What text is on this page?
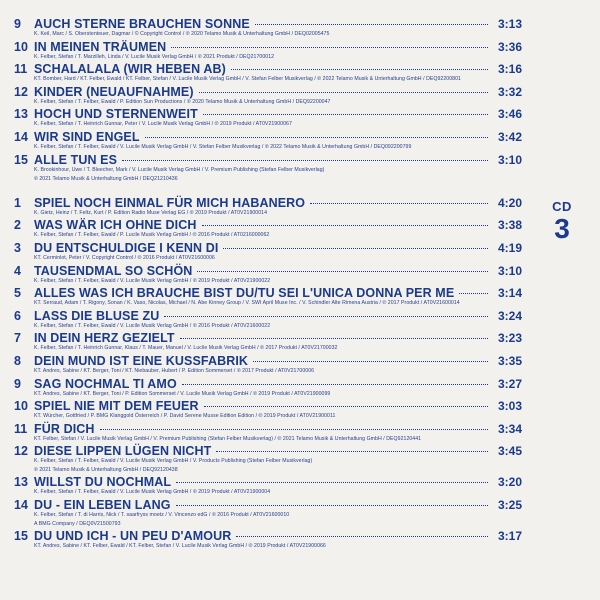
CD
3
9	AUCH STERNE BRAUCHEN SONNE	3:13
K. Keil, Marc / S. Oberstenteuer, Dagmar / © Copyright Control / ℗ 2020 Telamo Musik & Unterhaltung GmbH / DEQ02005475
10 IN MEINEN TRÄUMEN	3:36
K. Felber, Stefan / T. Marzilleh, Linda / V. Lucile Musik Verlag GmbH / ℗ 2021 Produkt / DEQ21700012
11 SCHALALALA (WIR HEBEN AB)	3:16
KT. Bomber, Hard / KT. Felber, Ewald / KT. Felber, Stefan / V. Lucile Musik Verlag GmbH / V. Stefan Felber Musikverlag / ℗ 2022 Telamo Musik & Unterhaltung GmbH / DEQ92200801
12 KINDER (NEUAUFNAHME)	3:32
K. Felber, Stefan / T. Felber, Ewald / P. Edition Sun Productions / ℗ 2020 Telamo Musik & Unterhaltung GmbH / DEQ92200047
13 HOCH UND STERNENWEIT	3:46
K. Felber, Stefan / T. Heinrich Gunnar, Peter / V. Lucile Musik Verlag GmbH / ℗ 2019 Produkt / AT0V21900067
14 WIR SIND ENGEL	3:42
K. Felber, Stefan / T. Felber, Ewald / V. Lucile Musik Verlag GmbH / V. Stefan Felber Musikverlag / ℗ 2022 Telamo Musik & Unterhaltung GmbH / DEQ092200799
15 ALLE TUN ES	3:10
K. Brookinhour, Uwe / T. Bleecher, Mark / V. Lucile Musik Verlag GmbH / V. Premium Publishing (Stefan Felber Musikverlag)
℗ 2021 Telamo Musik & Unterhaltung GmbH / DEQ21210436
1	SPIEL NOCH EINMAL FÜR MICH HABANERO	4:20
K. Gietz, Heinz / T. Feltz, Kurt / P. Edition Radio Muse Verlag EG / ℗ 2019 Produkt / AT0V21900014
2	WAS WÄR ICH OHNE DICH	3:38
K. Felber, Stefan / T. Felber, Ewald / P. Lucile Musik Verlag GmbH / ℗ 2016 Produkt / AT0216000062
3	DU ENTSCHULDIGE I KENN DI	4:19
KT. Cerminlot, Peter / V. Copyright Control / ℗ 2016 Produkt / AT0V21600006
4	TAUSENDMAL SO SCHÖN	3:10
K. Felber, Stefan / T. Felber, Ewald / V. Lucile Musik Verlag GmbH / ℗ 2019 Produkt / AT0V21900022
5	ALLES WAS ICH BRAUCHE BIST DU/TU SEI L'UNICA DONNA PER ME	3:14
KT. Serraud, Adam / T. Rigony, Sonan / K. Vaso, Nicolas, Michael / N. Abe Kinney Group / V. SWI April Muse Inc. / V. Schindler Alte Rimena Austria / ℗ 2017 Produkt / AT0V21600014
6	LASS DIE BLUSE ZU	3:24
K. Felber, Stefan / T. Felber, Ewald / V. Lucile Musik Verlag GmbH / ℗ 2016 Produkt / AT0V21600022
7	IN DEIN HERZ GEZIELT	3:23
K. Felber, Stefan / T. Heinrich Gunnar, Klaus / T. Mauer, Manuel / V. Lucile Musik Verlag GmbH / ℗ 2017 Produkt / AT0V21700032
8	DEIN MUND IST EINE KUSSFABRIK	3:35
KT. Andres, Sabine / KT. Berger, Toni / KT. Niebauber, Hubert / P. Edition Sommerset / ℗ 2017 Produkt / AT0V21700006
9	SAG NOCHMAL TI AMO	3:27
KT. Andres, Sabine / KT. Berger, Toni / P. Edition Sommerset / V. Lucile Musik Verlag GmbH / ℗ 2019 Produkt / AT0V21900099
10 SPIEL NIE MIT DEM FEUER	3:03
KT. Würcher, Gottfried / P. BMG Klanggold Österreich / P. David Serene Musse Edition Edition / ℗ 2019 Produkt / AT0V21900011
11 FÜR DICH	3:34
KT. Felber, Stefan / V. Lucile Musik Verlag GmbH / V. Premium Publishing (Stefan Felber Musikverlag) / ℗ 2021 Telamo Musik & Unterhaltung GmbH / DEQ92120441
12 DIESE LIPPEN LÜGEN NICHT	3:45
K. Felber, Stefan / T. Felber, Ewald / V. Lucile Musik Verlag GmbH / V. Products Publishing (Stefan Felber Musikverlag)
℗ 2021 Telamo Musik & Unterhaltung GmbH / DEQ92120438
13 WILLST DU NOCHMAL	3:20
K. Felber, Stefan / T. Felber, Ewald / V. Lucile Musik Verlag GmbH / ℗ 2019 Produkt / AT0V21900004
14 DU - EIN LEBEN LANG	3:25
K. Felber, Stefan / T. di Harris, Nick / T. saarfryss moetz / V. Vincenzo edG / ℗ 2016 Produkt / AT0V21600010
A BMG Company / DEQ0V21500793
15 DU UND ICH - UN PEU D'AMOUR	3:17
KT. Andres, Sabine / KT. Felber, Ewald / KT. Felber, Stefan / V. Lucile Musik Verlag GmbH / ℗ 2019 Produkt / AT0V21900066
